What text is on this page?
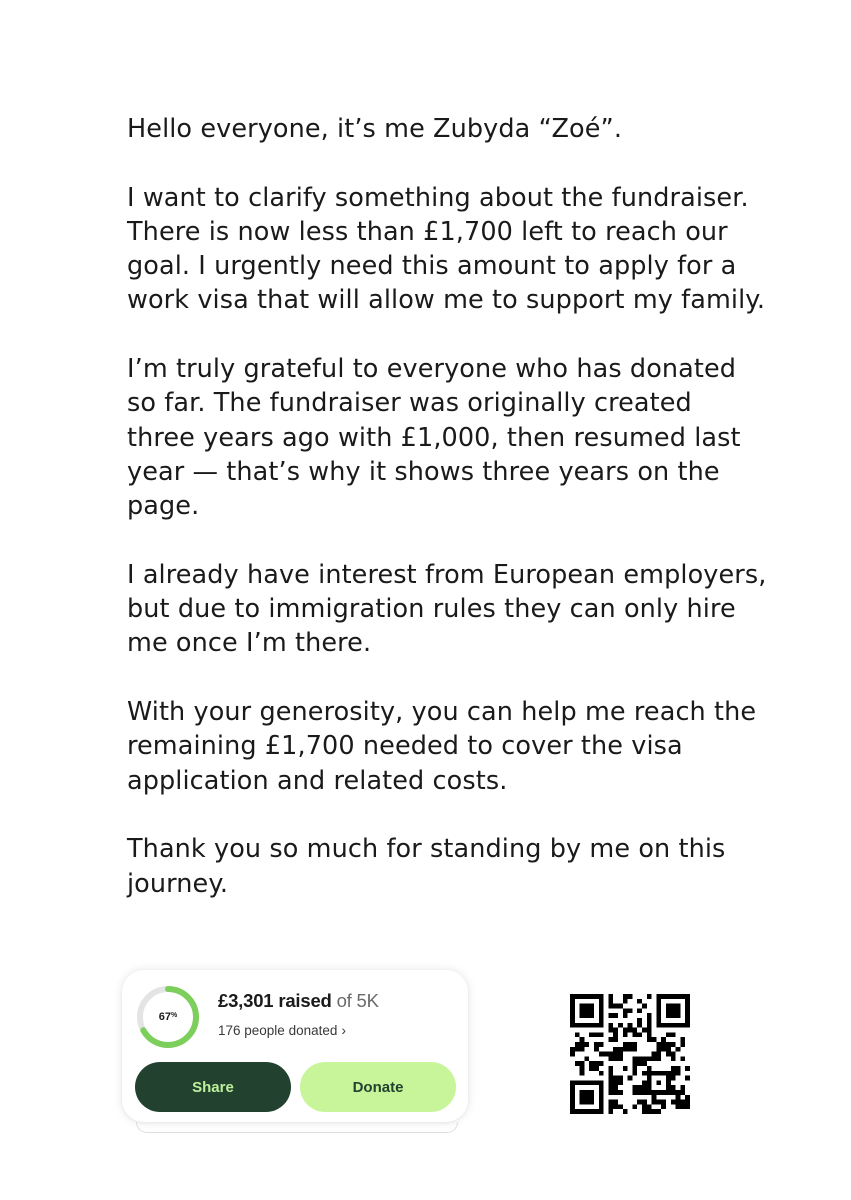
Hello everyone, it’s me Zubyda “Zoé”.

I want to clarify something about the fundraiser. There is now less than £1,700 left to reach our goal. I urgently need this amount to apply for a work visa that will allow me to support my family.

I’m truly grateful to everyone who has donated so far. The fundraiser was originally created three years ago with £1,000, then resumed last year — that’s why it shows three years on the page.

I already have interest from European employers, but due to immigration rules they can only hire me once I’m there.

With your generosity, you can help me reach the remaining £1,700 needed to cover the visa application and related costs.

Thank you so much for standing by me on this journey.

67 %
£3,301 raised of 5K
176 people donated ›
Share	Donate
